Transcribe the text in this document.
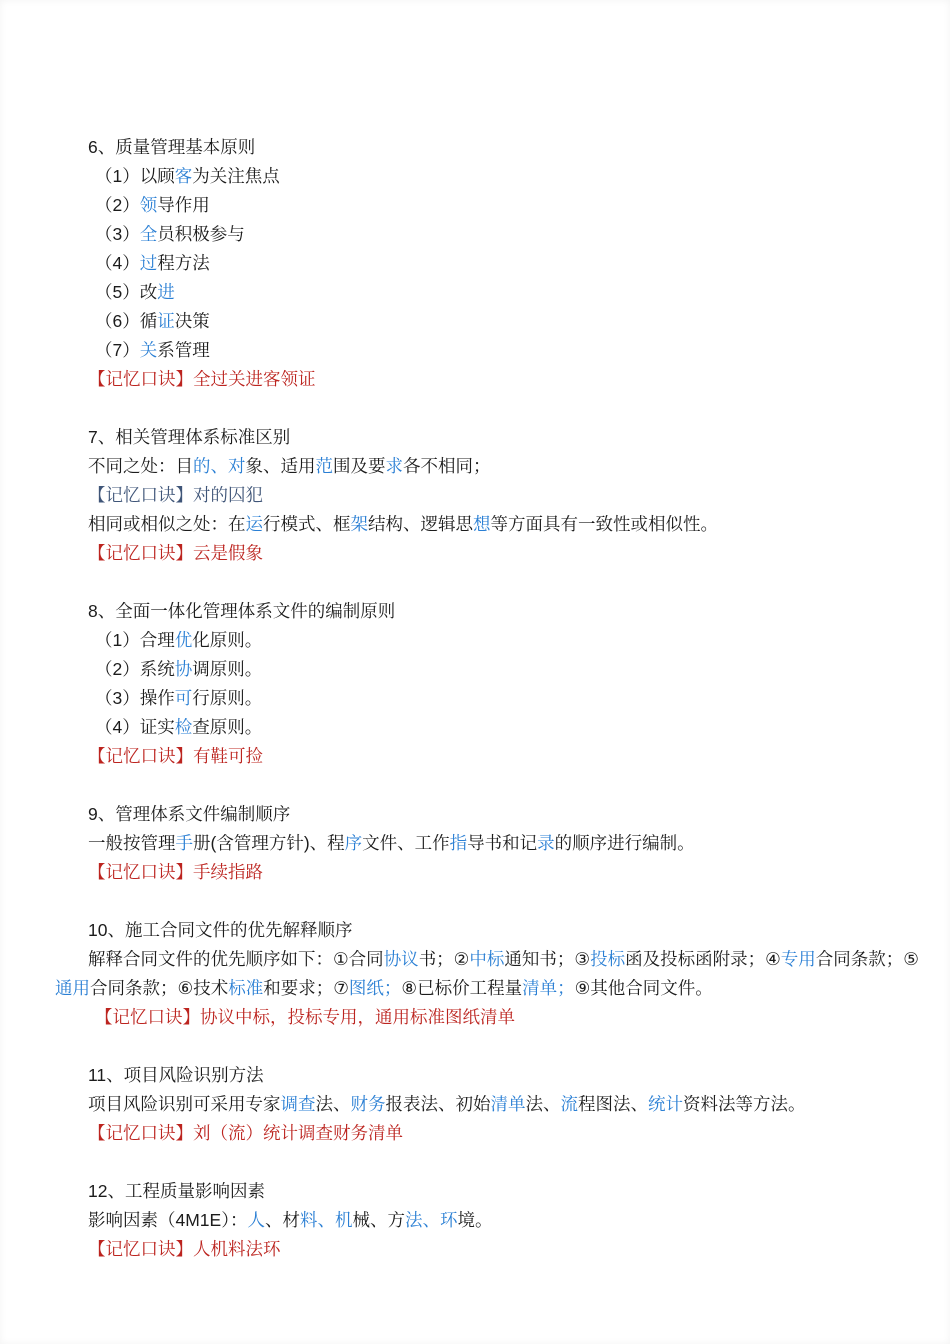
6、质量管理基本原则
（1）以顾客为关注焦点
（2）领导作用
（3）全员积极参与
（4）过程方法
（5）改进
（6）循证决策
（7）关系管理
【记忆口诀】全过关进客领证
7、相关管理体系标准区别
不同之处：目的、对象、适用范围及要求各不相同；
【记忆口诀】对的囚犯
相同或相似之处：在运行模式、框架结构、逻辑思想等方面具有一致性或相似性。
【记忆口诀】云是假象
8、全面一体化管理体系文件的编制原则
（1）合理优化原则。
（2）系统协调原则。
（3）操作可行原则。
（4）证实检查原则。
【记忆口诀】有鞋可捡
9、管理体系文件编制顺序
一般按管理手册(含管理方针)、程序文件、工作指导书和记录的顺序进行编制。
【记忆口诀】手续指路
10、施工合同文件的优先解释顺序
解释合同文件的优先顺序如下：①合同协议书；②中标通知书；③投标函及投标函附录；④专用合同条款；⑤
通用合同条款；⑥技术标准和要求；⑦图纸；⑧已标价工程量清单；⑨其他合同文件。
【记忆口诀】协议中标，投标专用，通用标准图纸清单
11、项目风险识别方法
项目风险识别可采用专家调查法、财务报表法、初始清单法、流程图法、统计资料法等方法。
【记忆口诀】刘（流）统计调查财务清单
12、工程质量影响因素
影响因素（4M1E）：人、材料、机械、方法、环境。
【记忆口诀】人机料法环
